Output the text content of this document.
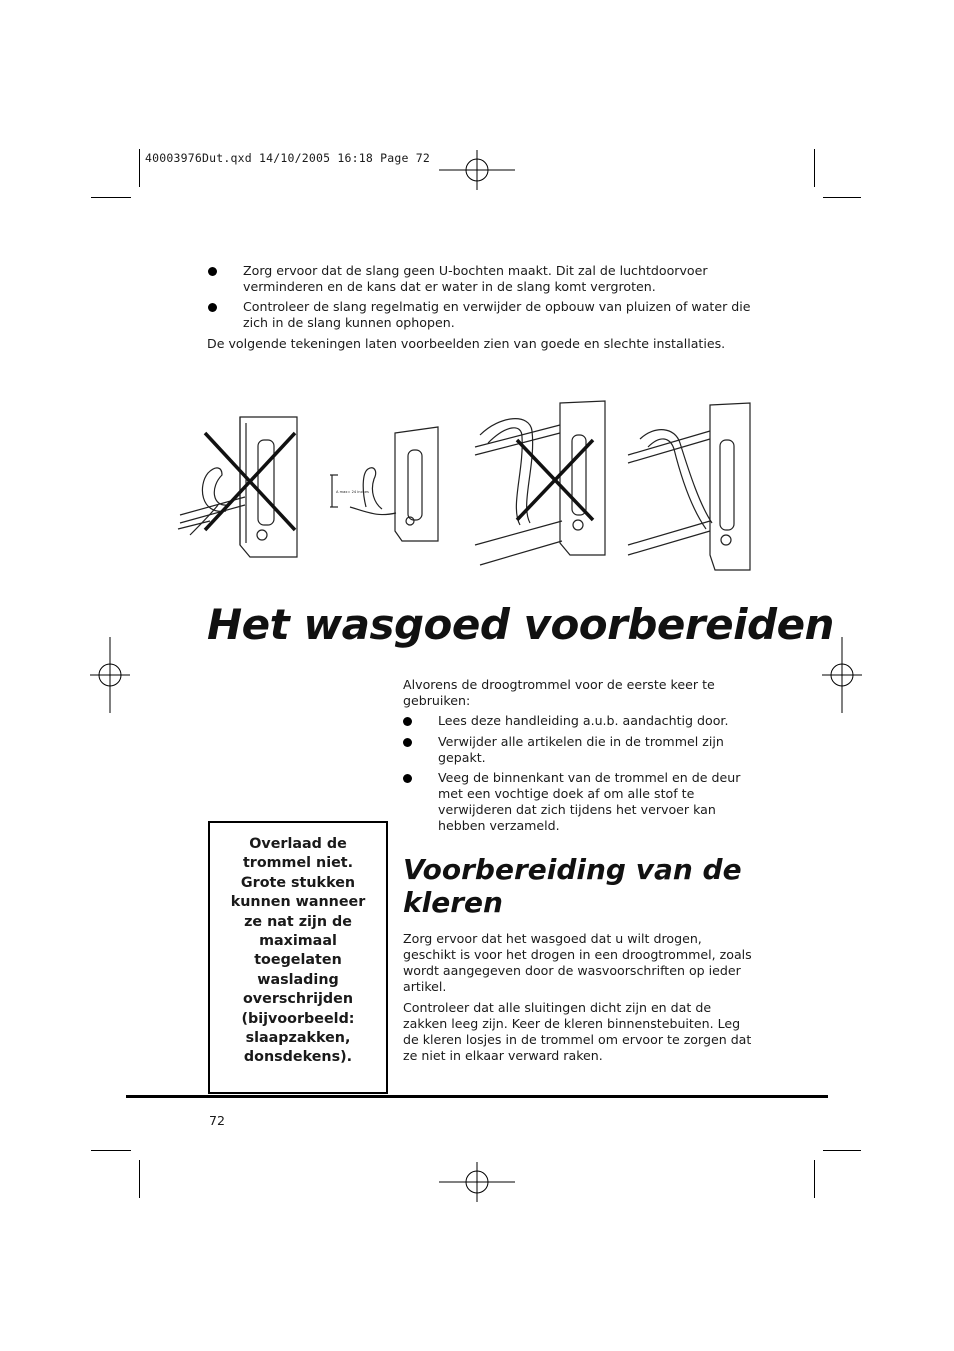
40003976Dut.qxd 14/10/2005 16:18 Page 72
Zorg ervoor dat de slang geen U-bochten maakt. Dit zal de luchtdoorvoer
verminderen en de kans dat er water in de slang komt vergroten.
Controleer de slang regelmatig en verwijder de opbouw van pluizen of water die
zich in de slang kunnen ophopen.
De volgende tekeningen laten voorbeelden zien van goede en slechte installaties.
A max= 24 inches
Het wasgoed voorbereiden
Alvorens de droogtrommel voor de eerste keer te
gebruiken:
Lees deze handleiding a.u.b. aandachtig door.
Verwijder alle artikelen die in de trommel zijn
gepakt.
Veeg de binnenkant van de trommel en de deur
met een vochtige doek af om alle stof te
verwijderen dat zich tijdens het vervoer kan
hebben verzameld.
Overlaad de
trommel niet.
Grote stukken
kunnen wanneer
ze nat zijn de
maximaal
toegelaten
waslading
overschrijden
(bijvoorbeeld:
slaapzakken,
donsdekens).
Voorbereiding van de kleren
Zorg ervoor dat het wasgoed dat u wilt drogen,
geschikt is voor het drogen in een droogtrommel, zoals
wordt aangegeven door de wasvoorschriften op ieder
artikel.
Controleer dat alle sluitingen dicht zijn en dat de
zakken leeg zijn. Keer de kleren binnenstebuiten. Leg
de kleren losjes in de trommel om ervoor te zorgen dat
ze niet in elkaar verward raken.
72
